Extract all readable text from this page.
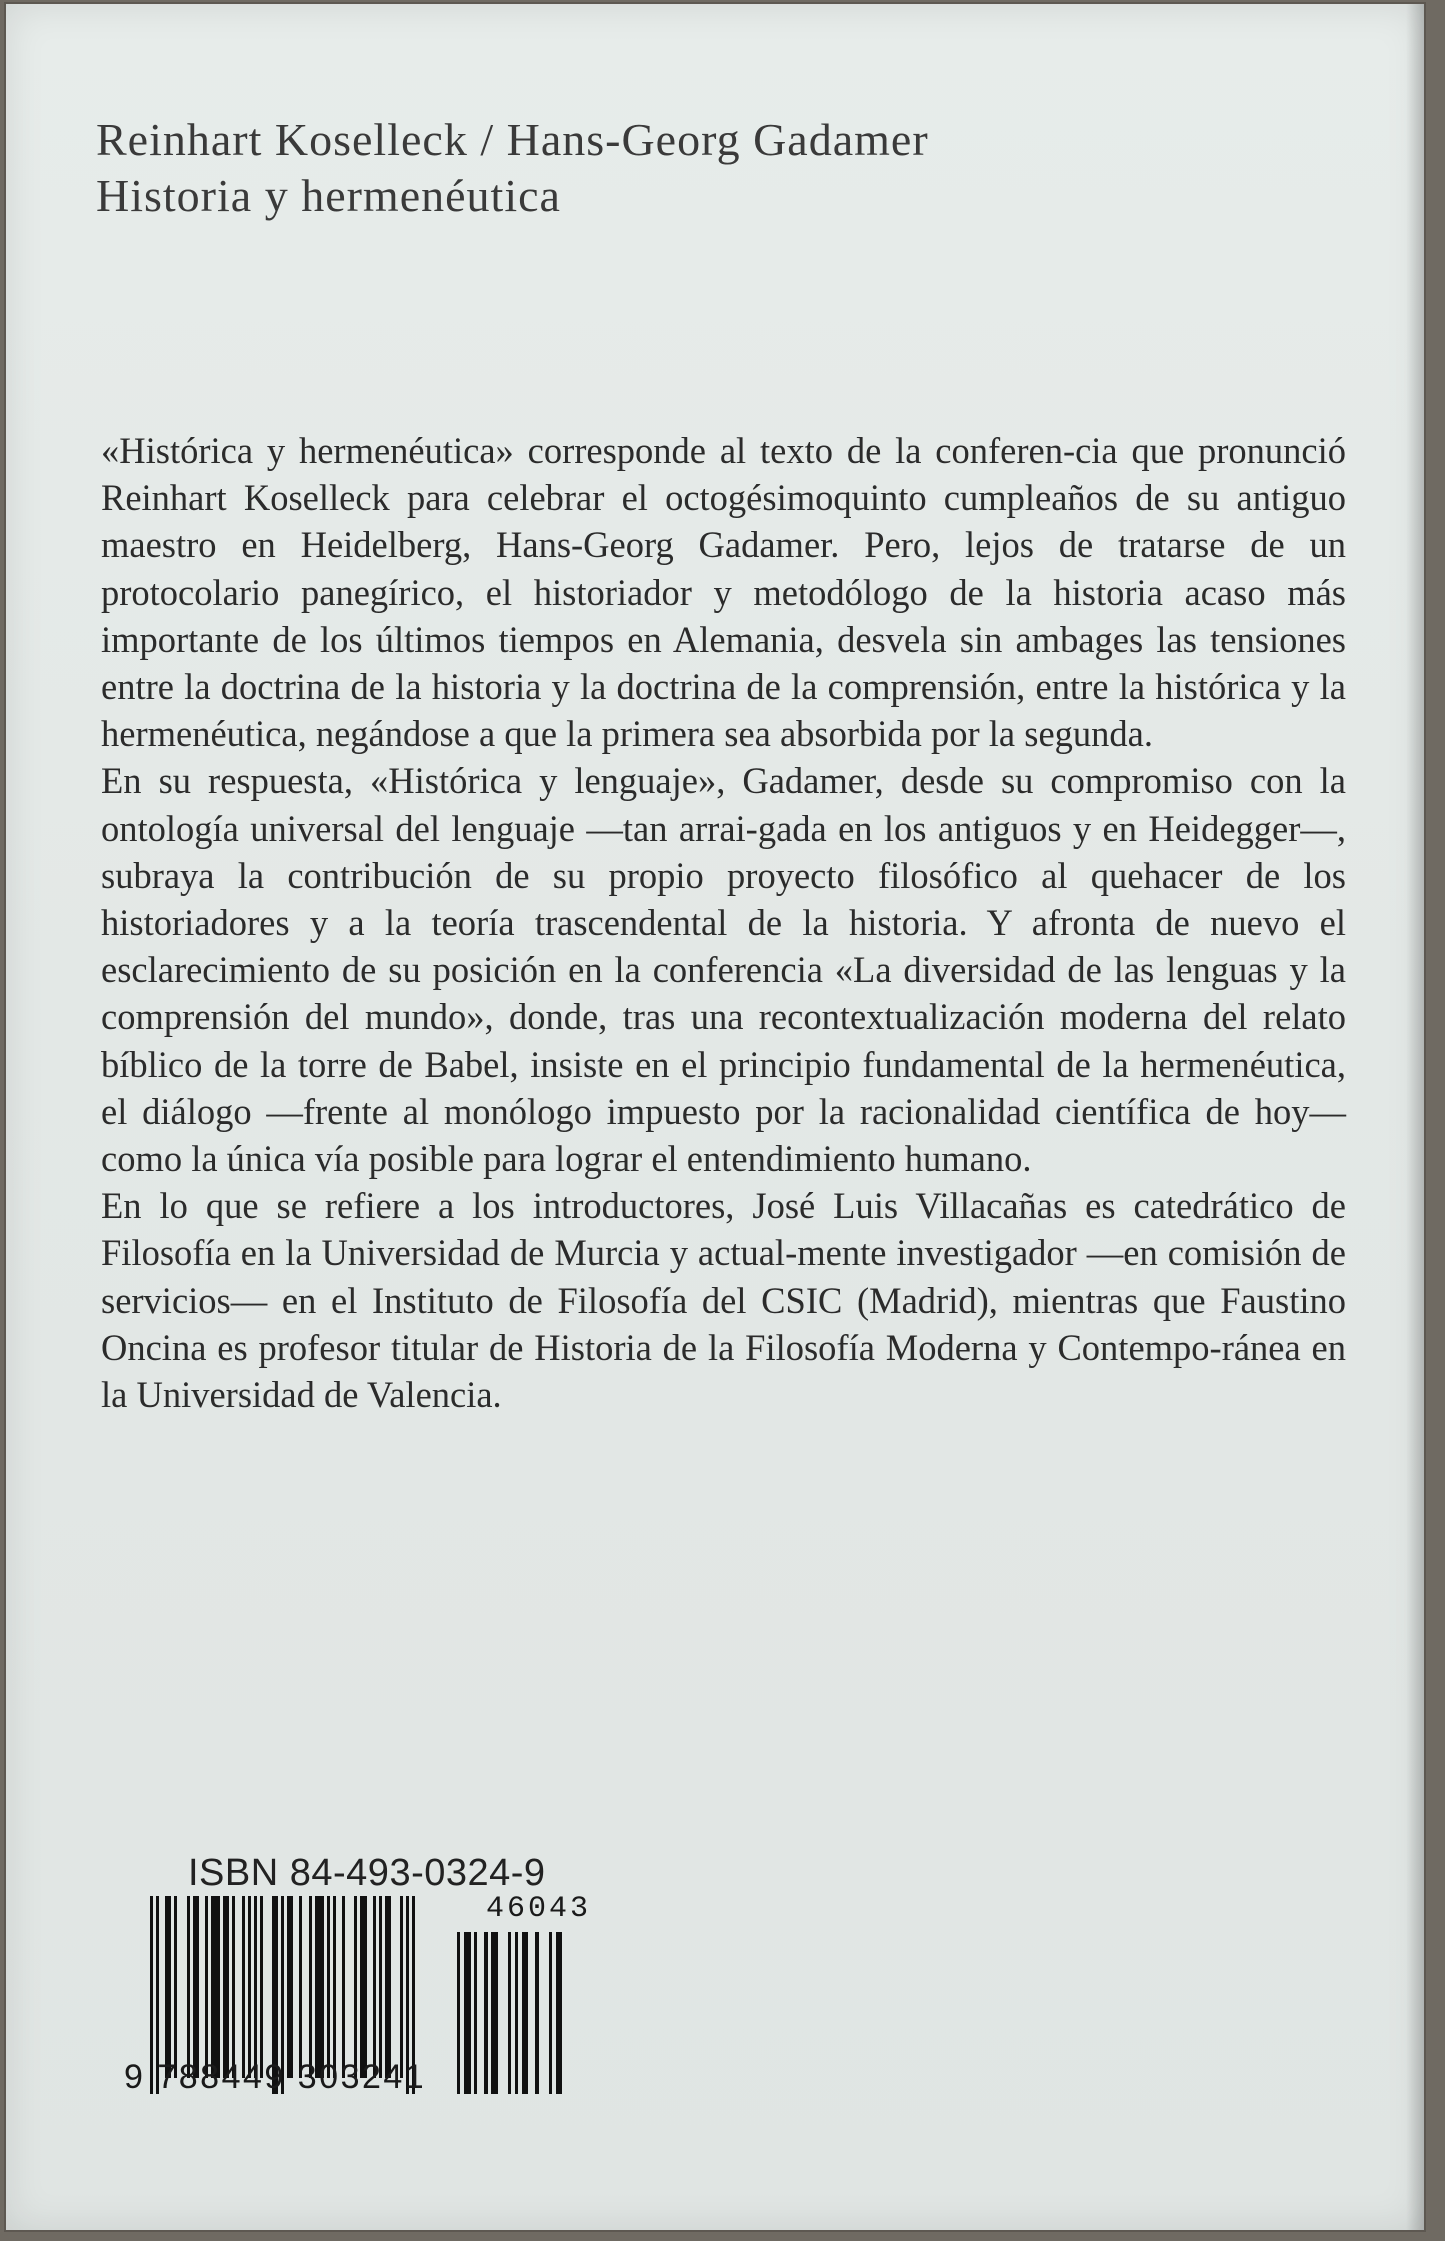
Reinhart Koselleck / Hans-Georg Gadamer
Historia y hermenéutica

«Histórica y hermenéutica» corresponde al texto de la conferen-cia que pronunció Reinhart Koselleck para celebrar el octogésimoquinto cumpleaños de su antiguo maestro en Heidelberg, Hans-Georg Gadamer. Pero, lejos de tratarse de un protocolario panegírico, el historiador y metodólogo de la historia acaso más importante de los últimos tiempos en Alemania, desvela sin ambages las tensiones entre la doctrina de la historia y la doctrina de la comprensión, entre la histórica y la hermenéutica, negándose a que la primera sea absorbida por la segunda.

En su respuesta, «Histórica y lenguaje», Gadamer, desde su compromiso con la ontología universal del lenguaje —tan arrai-gada en los antiguos y en Heidegger—, subraya la contribución de su propio proyecto filosófico al quehacer de los historiadores y a la teoría trascendental de la historia. Y afronta de nuevo el esclarecimiento de su posición en la conferencia «La diversidad de las lenguas y la comprensión del mundo», donde, tras una recontextualización moderna del relato bíblico de la torre de Babel, insiste en el principio fundamental de la hermenéutica, el diálogo —frente al monólogo impuesto por la racionalidad científica de hoy— como la única vía posible para lograr el entendimiento humano.

En lo que se refiere a los introductores, José Luis Villacañas es catedrático de Filosofía en la Universidad de Murcia y actual-mente investigador —en comisión de servicios— en el Instituto de Filosofía del CSIC (Madrid), mientras que Faustino Oncina es profesor titular de Historia de la Filosofía Moderna y Contempo-ránea en la Universidad de Valencia.

ISBN 84-493-0324-9
9 788449 303241
46043
